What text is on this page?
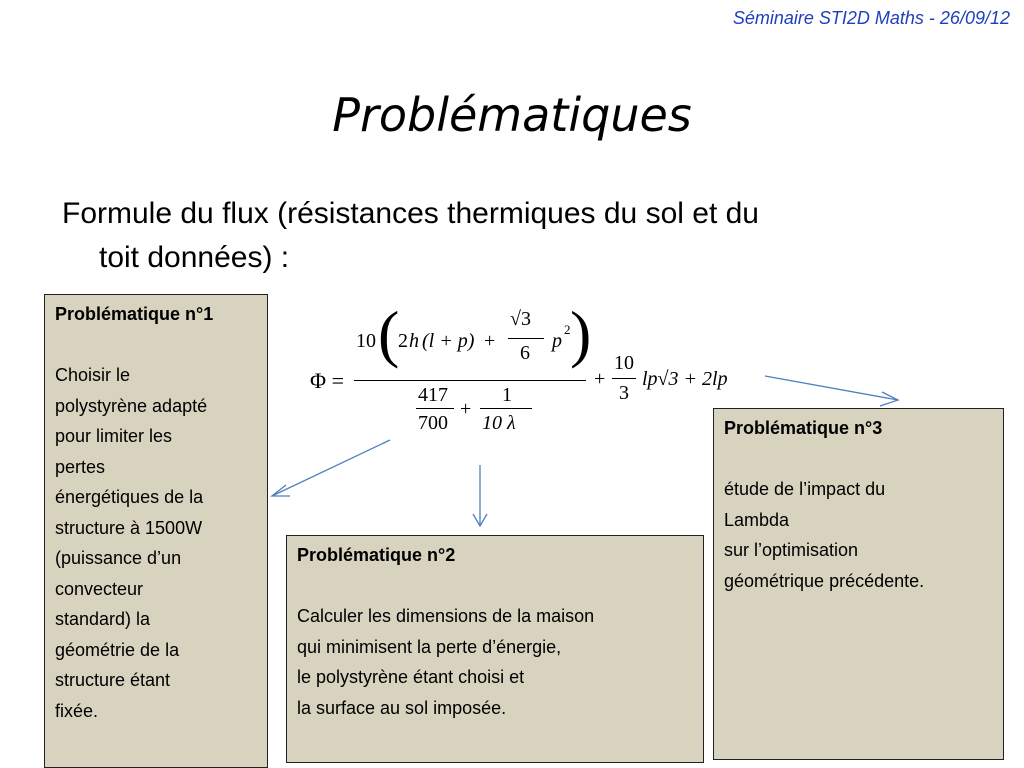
Séminaire STI2D Maths - 26/09/12
Problématiques
Formule du flux (résistances thermiques du sol et du
toit données) :
Φ =
10 (
2 h (l + p) +
√3
6
p
2 )
417
700
+
1
10 λ
+
10
3
lp√3 + 2lp
Problématique n°1
Choisir le
polystyrène adapté
pour limiter les
pertes
énergétiques de la
structure à 1500W
(puissance d’un
convecteur
standard) la
géométrie de la
structure étant
fixée.
Problématique n°2
Calculer les dimensions de la maison
qui minimisent la perte d’énergie,
le polystyrène étant choisi et
la surface au sol imposée.
Problématique n°3
étude de l’impact du
Lambda
sur l’optimisation
géométrique précédente.
